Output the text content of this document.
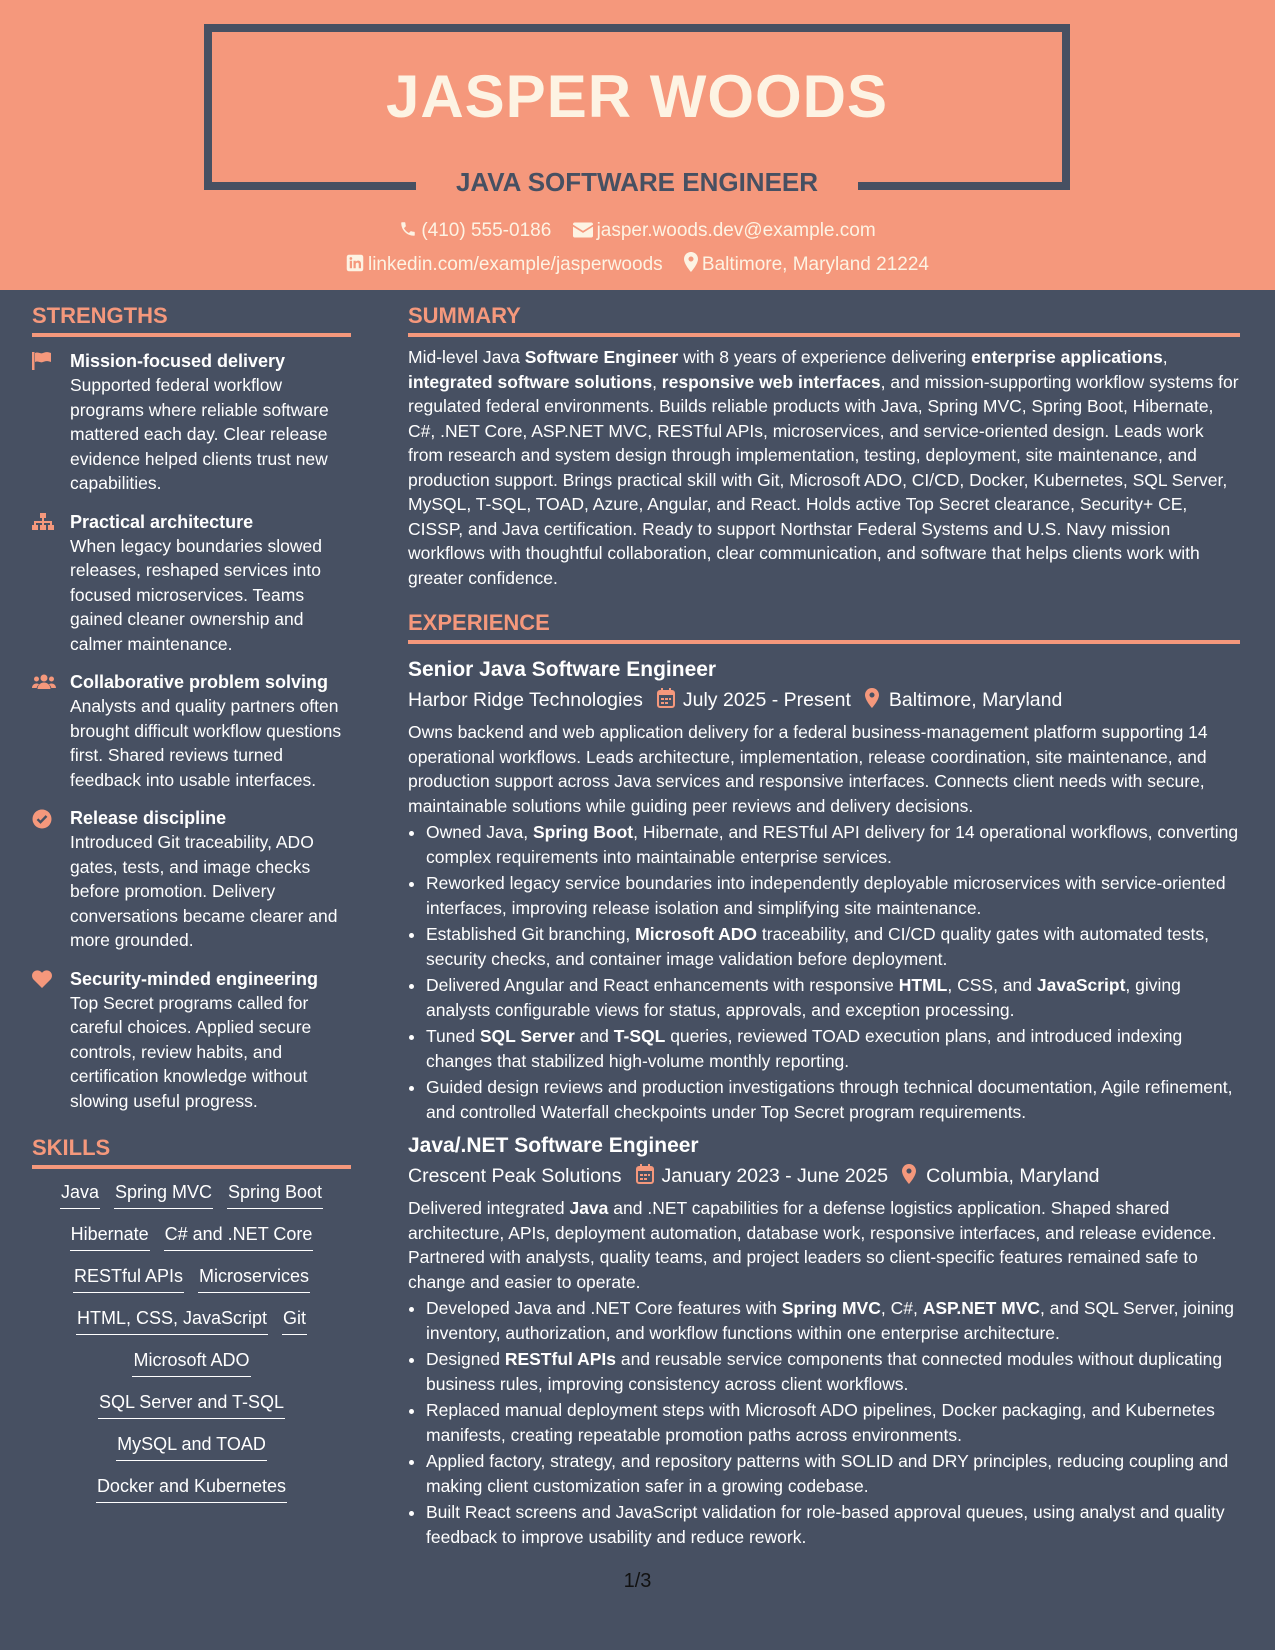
JASPER WOODS
JAVA SOFTWARE ENGINEER
(410) 555-0186 jasper.woods.dev@example.com
linkedin.com/example/jasperwoods Baltimore, Maryland 21224
STRENGTHS
Mission-focused delivery
Supported federal workflow programs where reliable software mattered each day. Clear release evidence helped clients trust new capabilities.
Practical architecture
When legacy boundaries slowed releases, reshaped services into focused microservices. Teams gained cleaner ownership and calmer maintenance.
Collaborative problem solving
Analysts and quality partners often brought difficult workflow questions first. Shared reviews turned feedback into usable interfaces.
Release discipline
Introduced Git traceability, ADO gates, tests, and image checks before promotion. Delivery conversations became clearer and more grounded.
Security-minded engineering
Top Secret programs called for careful choices. Applied secure controls, review habits, and certification knowledge without slowing useful progress.
SKILLS
Java Spring MVC Spring Boot
Hibernate C# and .NET Core
RESTful APIs Microservices
HTML, CSS, JavaScript Git
Microsoft ADO
SQL Server and T-SQL
MySQL and TOAD
Docker and Kubernetes
SUMMARY
Mid-level Java Software Engineer with 8 years of experience delivering enterprise applications, integrated software solutions, responsive web interfaces, and mission-supporting workflow systems for regulated federal environments. Builds reliable products with Java, Spring MVC, Spring Boot, Hibernate, C#, .NET Core, ASP.NET MVC, RESTful APIs, microservices, and service-oriented design. Leads work from research and system design through implementation, testing, deployment, site maintenance, and production support. Brings practical skill with Git, Microsoft ADO, CI/CD, Docker, Kubernetes, SQL Server, MySQL, T-SQL, TOAD, Azure, Angular, and React. Holds active Top Secret clearance, Security+ CE, CISSP, and Java certification. Ready to support Northstar Federal Systems and U.S. Navy mission workflows with thoughtful collaboration, clear communication, and software that helps clients work with greater confidence.
EXPERIENCE
Senior Java Software Engineer
Harbor Ridge Technologies July 2025 - Present Baltimore, Maryland
Owns backend and web application delivery for a federal business-management platform supporting 14 operational workflows. Leads architecture, implementation, release coordination, site maintenance, and production support across Java services and responsive interfaces. Connects client needs with secure, maintainable solutions while guiding peer reviews and delivery decisions.
• Owned Java, Spring Boot, Hibernate, and RESTful API delivery for 14 operational workflows, converting complex requirements into maintainable enterprise services.
• Reworked legacy service boundaries into independently deployable microservices with service-oriented interfaces, improving release isolation and simplifying site maintenance.
• Established Git branching, Microsoft ADO traceability, and CI/CD quality gates with automated tests, security checks, and container image validation before deployment.
• Delivered Angular and React enhancements with responsive HTML, CSS, and JavaScript, giving analysts configurable views for status, approvals, and exception processing.
• Tuned SQL Server and T-SQL queries, reviewed TOAD execution plans, and introduced indexing changes that stabilized high-volume monthly reporting.
• Guided design reviews and production investigations through technical documentation, Agile refinement, and controlled Waterfall checkpoints under Top Secret program requirements.
Java/.NET Software Engineer
Crescent Peak Solutions January 2023 - June 2025 Columbia, Maryland
Delivered integrated Java and .NET capabilities for a defense logistics application. Shaped shared architecture, APIs, deployment automation, database work, responsive interfaces, and release evidence. Partnered with analysts, quality teams, and project leaders so client-specific features remained safe to change and easier to operate.
• Developed Java and .NET Core features with Spring MVC, C#, ASP.NET MVC, and SQL Server, joining inventory, authorization, and workflow functions within one enterprise architecture.
• Designed RESTful APIs and reusable service components that connected modules without duplicating business rules, improving consistency across client workflows.
• Replaced manual deployment steps with Microsoft ADO pipelines, Docker packaging, and Kubernetes manifests, creating repeatable promotion paths across environments.
• Applied factory, strategy, and repository patterns with SOLID and DRY principles, reducing coupling and making client customization safer in a growing codebase.
• Built React screens and JavaScript validation for role-based approval queues, using analyst and quality feedback to improve usability and reduce rework.
1/3
